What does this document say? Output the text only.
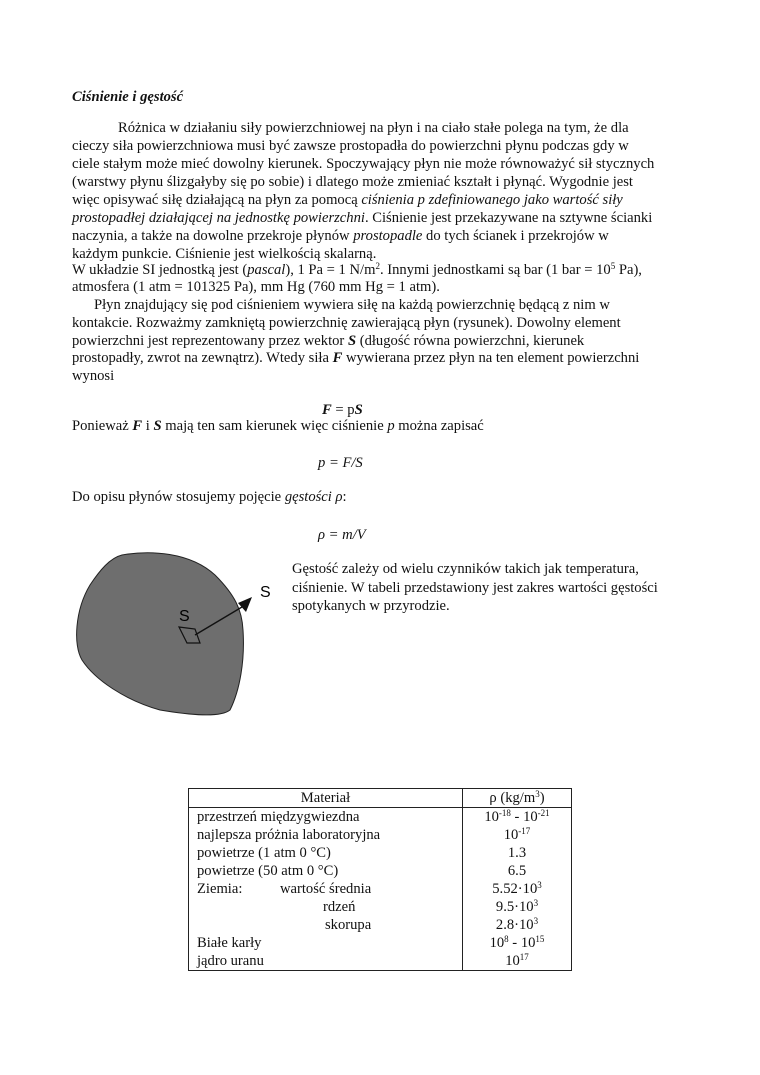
Ciśnienie i gęstość
Różnica w działaniu siły powierzchniowej na płyn i na ciało stałe polega na tym, że dla
cieczy siła powierzchniowa musi być zawsze prostopadła do powierzchni płynu podczas gdy w
ciele stałym może mieć dowolny kierunek. Spoczywający płyn nie może równoważyć sił stycznych
(warstwy płynu ślizgałyby się po sobie) i dlatego może zmieniać kształt i płynąć. Wygodnie jest
więc opisywać siłę działającą na płyn za pomocą ciśnienia p zdefiniowanego jako wartość siły
prostopadłej działającej na jednostkę powierzchni. Ciśnienie jest przekazywane na sztywne ścianki
naczynia, a także na dowolne przekroje płynów prostopadle do tych ścianek i przekrojów w
każdym punkcie. Ciśnienie jest wielkością skalarną.
W układzie SI jednostką jest (pascal), 1 Pa = 1 $N/m^2$. Innymi jednostkami są bar (1 bar = $10^5$ Pa),
atmosfera (1 atm = 101325 Pa), mm Hg (760 mm Hg = 1 atm).
Płyn znajdujący się pod ciśnieniem wywiera siłę na każdą powierzchnię będącą z nim w
kontakcie. Rozważmy zamkniętą powierzchnię zawierającą płyn (rysunek). Dowolny element
powierzchni jest reprezentowany przez wektor S (długość równa powierzchni, kierunek
prostopadły, zwrot na zewnątrz). Wtedy siła F wywierana przez płyn na ten element powierzchni
wynosi
F = pS
Ponieważ F i S mają ten sam kierunek więc ciśnienie p można zapisać
p = F/S
Do opisu płynów stosujemy pojęcie gęstości ρ:
ρ = m/V
Gęstość zależy od wielu czynników takich jak temperatura,
ciśnienie. W tabeli przedstawiony jest zakres wartości gęstości
spotykanych w przyrodzie.
S
S
Materiał	ρ $(kg/m^3)$
przestrzeń międzygwiezdna	$10^{-18} - 10^{-21}$
najlepsza próżnia laboratoryjna	$10^{-17}$
powietrze (1 atm 0 °C)	1.3
powietrze (50 atm 0 °C)	6.5
Ziemia: wartość średnia	$5.52\cdot 10^3$

rdzeń	$9.5\cdot 10^3$

skorupa	$2.8\cdot 10^3$
Białe karły	$10^8 - 10^{15}$
jądro uranu	$10^{17}$
